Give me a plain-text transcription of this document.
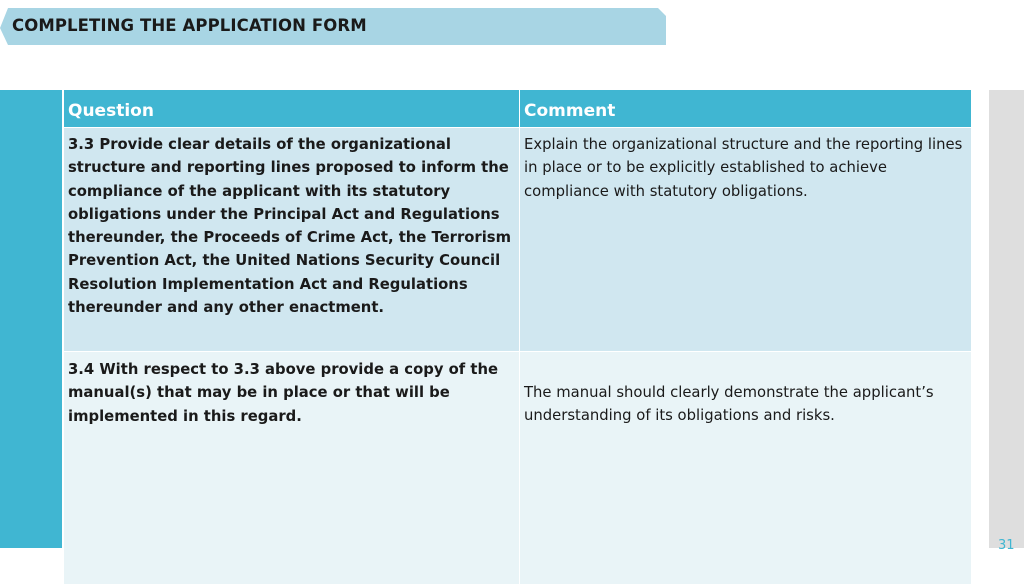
COMPLETING THE APPLICATION FORM
31
Question	Comment

3.3 Provide clear details of the organizational structure and reporting lines proposed to inform the compliance of the applicant with its statutory obligations under the Principal Act and Regulations thereunder, the Proceeds of Crime Act, the Terrorism Prevention Act, the United Nations Security Council Resolution Implementation Act and Regulations thereunder and any other enactment.	Explain the organizational structure and the reporting lines in place or to be explicitly established to achieve compliance with statutory obligations.

3.4 With respect to 3.3 above provide a copy of the manual(s) that may be in place or that will be implemented in this regard.	The manual should clearly demonstrate the applicant’s understanding of its obligations and risks.
